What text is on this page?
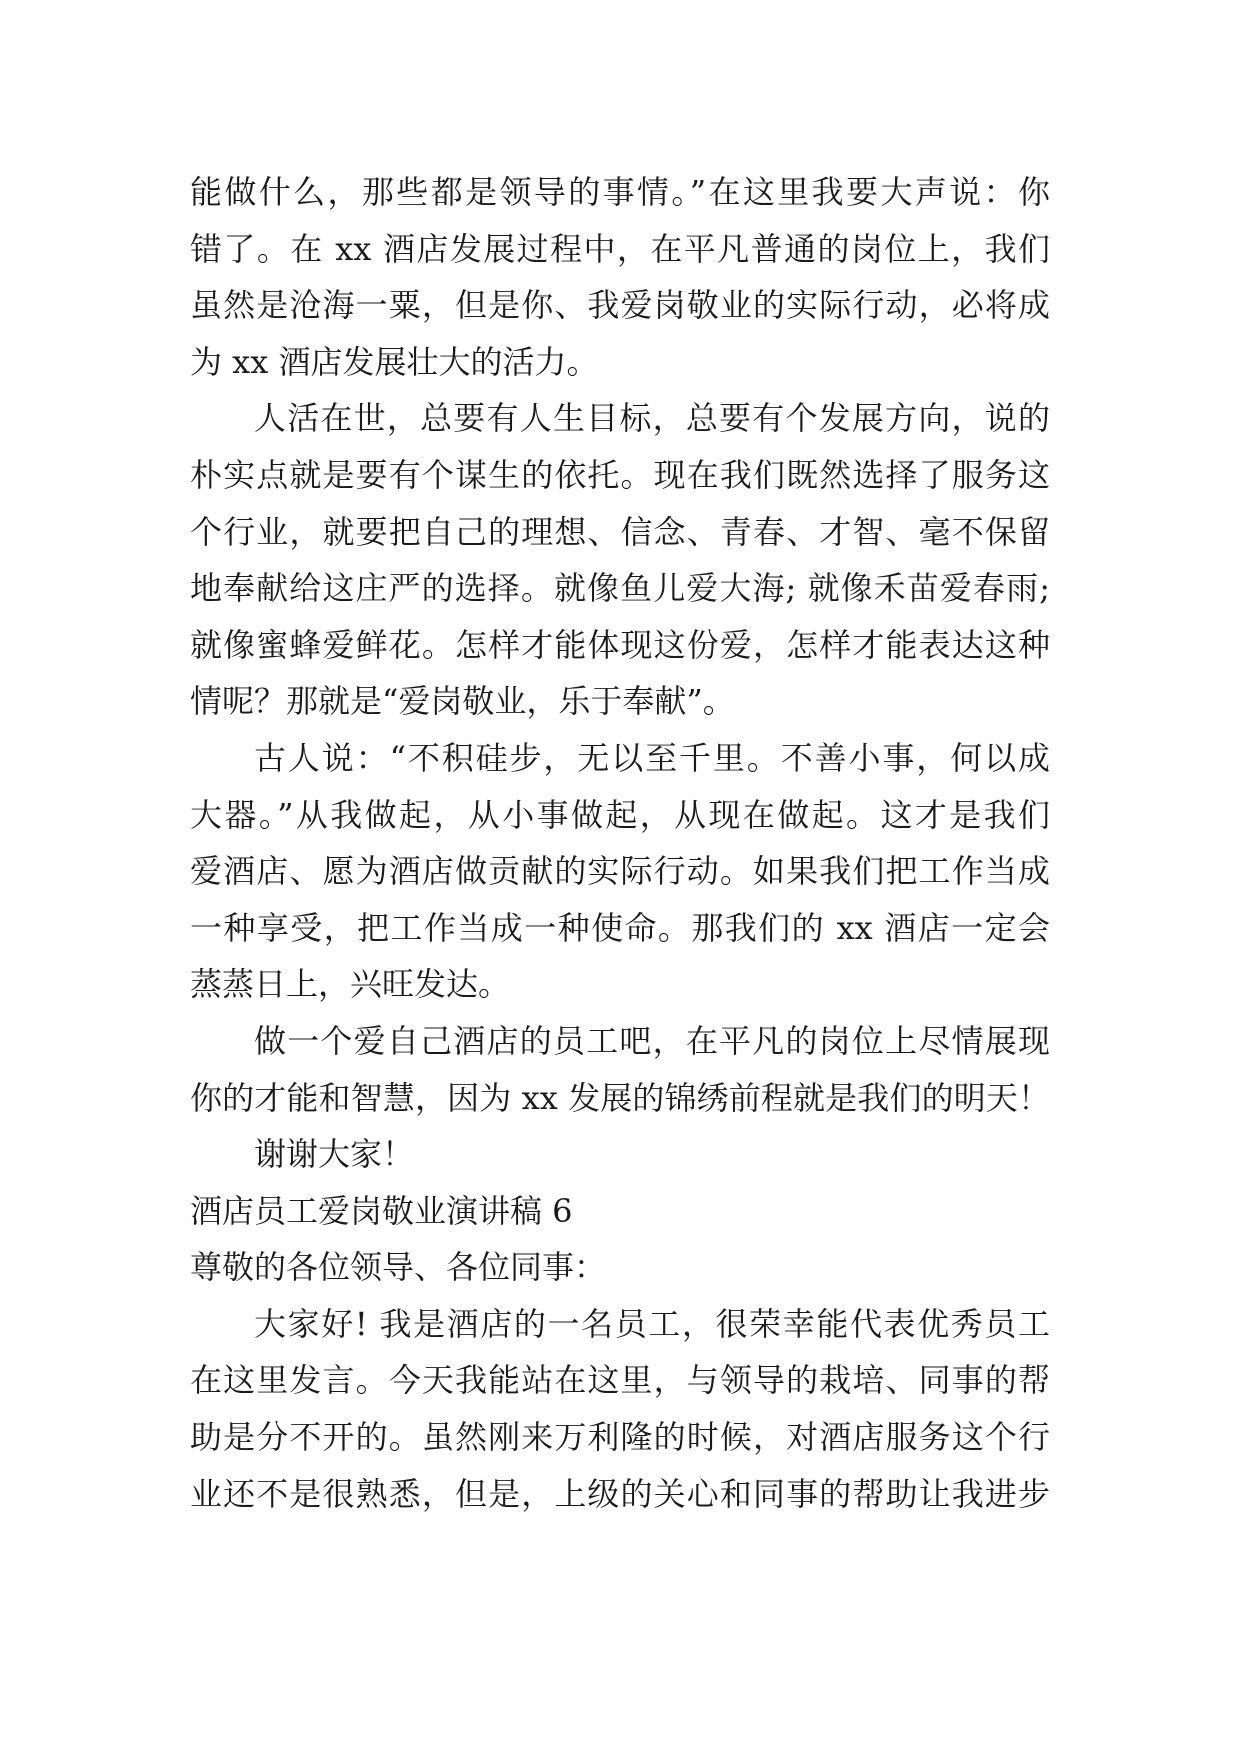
能做什么，那些都是领导的事情。”在这里我要大声说：你
错了。在 xx 酒店发展过程中，在平凡普通的岗位上，我们
虽然是沧海一粟，但是你、我爱岗敬业的实际行动，必将成
为 xx 酒店发展壮大的活力。
人活在世，总要有人生目标，总要有个发展方向，说的
朴实点就是要有个谋生的依托。现在我们既然选择了服务这
个行业，就要把自己的理想、信念、青春、才智、毫不保留
地奉献给这庄严的选择。就像鱼儿爱大海; 就像禾苗爱春雨;
就像蜜蜂爱鲜花。怎样才能体现这份爱，怎样才能表达这种
情呢？那就是“爱岗敬业，乐于奉献”。
古人说：“不积硅步，无以至千里。不善小事，何以成
大器。”从我做起，从小事做起，从现在做起。这才是我们
爱酒店、愿为酒店做贡献的实际行动。如果我们把工作当成
一种享受，把工作当成一种使命。那我们的 xx 酒店一定会
蒸蒸日上，兴旺发达。
做一个爱自己酒店的员工吧，在平凡的岗位上尽情展现
你的才能和智慧，因为 xx 发展的锦绣前程就是我们的明天！
谢谢大家！
酒店员工爱岗敬业演讲稿 6
尊敬的各位领导、各位同事：
大家好! 我是酒店的一名员工，很荣幸能代表优秀员工
在这里发言。今天我能站在这里，与领导的栽培、同事的帮
助是分不开的。虽然刚来万利隆的时候，对酒店服务这个行
业还不是很熟悉，但是，上级的关心和同事的帮助让我进步
